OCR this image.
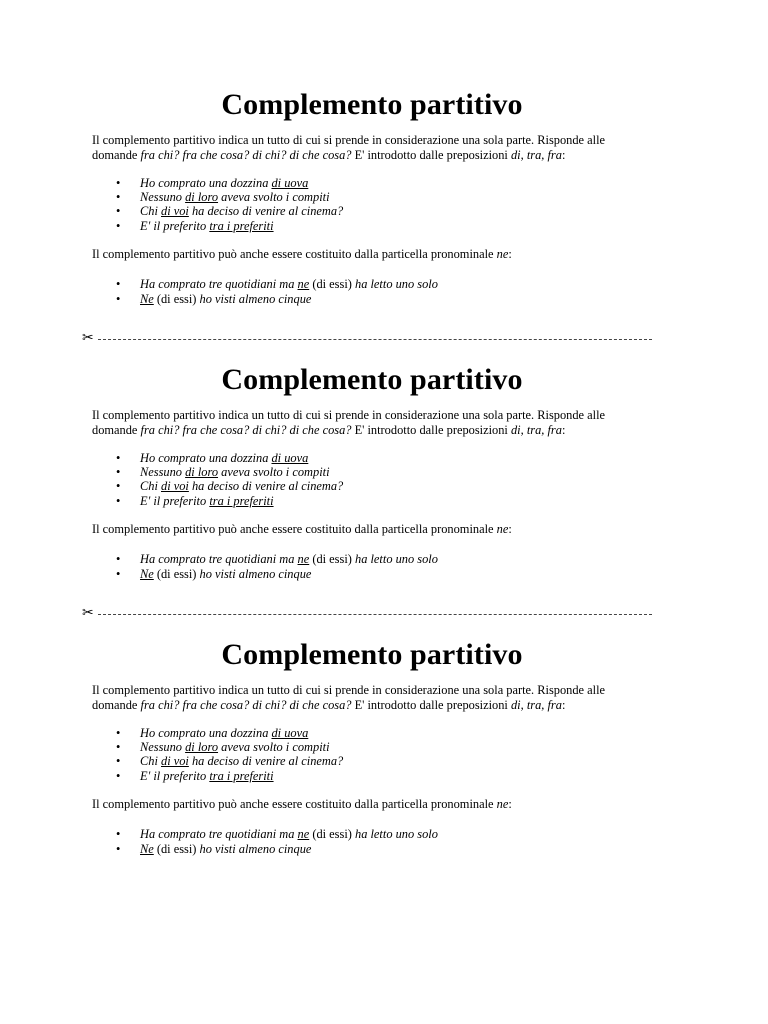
Complemento partitivo

Il complemento partitivo indica un tutto di cui si prende in considerazione una sola parte. Risponde alle domande fra chi? fra che cosa? di chi? di che cosa? E' introdotto dalle preposizioni di, tra, fra:

• Ho comprato una dozzina di uova
• Nessuno di loro aveva svolto i compiti
• Chi di voi ha deciso di venire al cinema?
• E' il preferito tra i preferiti

Il complemento partitivo può anche essere costituito dalla particella pronominale ne:

• Ha comprato tre quotidiani ma ne (di essi) ha letto uno solo
• Ne (di essi) ho visti almeno cinque
✂
Complemento partitivo

Il complemento partitivo indica un tutto di cui si prende in considerazione una sola parte. Risponde alle domande fra chi? fra che cosa? di chi? di che cosa? E' introdotto dalle preposizioni di, tra, fra:

• Ho comprato una dozzina di uova
• Nessuno di loro aveva svolto i compiti
• Chi di voi ha deciso di venire al cinema?
• E' il preferito tra i preferiti

Il complemento partitivo può anche essere costituito dalla particella pronominale ne:

• Ha comprato tre quotidiani ma ne (di essi) ha letto uno solo
• Ne (di essi) ho visti almeno cinque
✂
Complemento partitivo

Il complemento partitivo indica un tutto di cui si prende in considerazione una sola parte. Risponde alle domande fra chi? fra che cosa? di chi? di che cosa? E' introdotto dalle preposizioni di, tra, fra:

• Ho comprato una dozzina di uova
• Nessuno di loro aveva svolto i compiti
• Chi di voi ha deciso di venire al cinema?
• E' il preferito tra i preferiti

Il complemento partitivo può anche essere costituito dalla particella pronominale ne:

• Ha comprato tre quotidiani ma ne (di essi) ha letto uno solo
• Ne (di essi) ho visti almeno cinque
